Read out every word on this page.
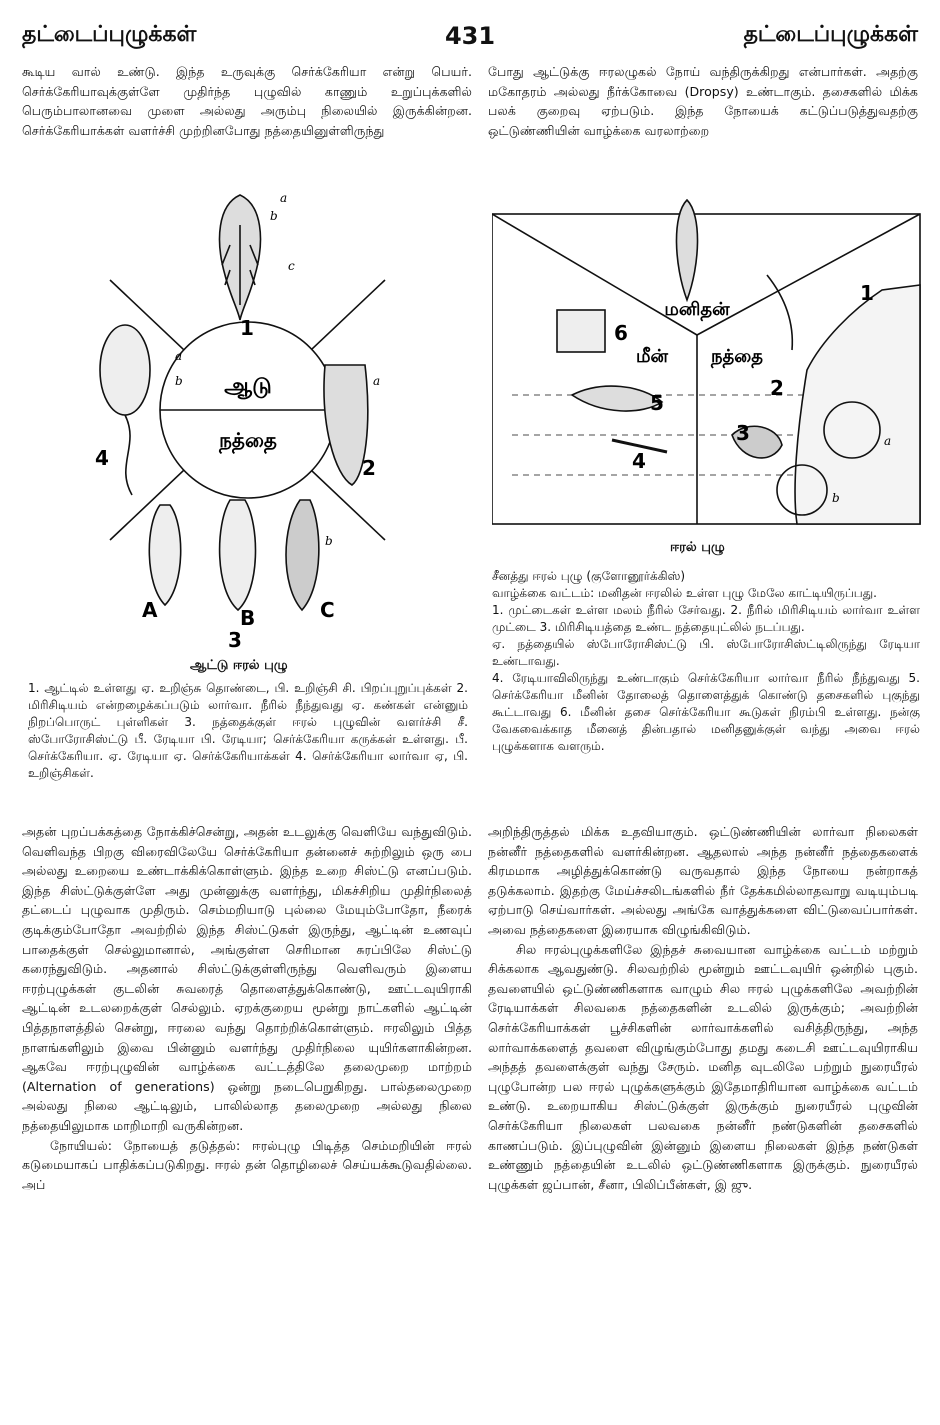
தட்டைப்புழுக்கள்	431	தட்டைப்புழுக்கள்

கூடிய வால் உண்டு. இந்த உருவுக்கு செர்க்கேரியா என்று பெயர். செர்க்கேரியாவுக்குள்ளே முதிர்ந்த புழுவில் காணும் உறுப்புக்களில் பெரும்பாலானவை முளை அல்லது அரும்பு நிலையில் இருக்கின்றன. செர்க்கேரியாக்கள் வளர்ச்சி முற்றினபோது நத்தையினுள்ளிருந்து

போது ஆட்டுக்கு ஈரலழுகல் நோய் வந்திருக்கிறது என்பார்கள். அதற்கு மகோதரம் அல்லது நீர்க்கோவை (Dropsy) உண்டாகும். தசைகளில் மிக்க பலக் குறைவு ஏற்படும். இந்த நோயைக் கட்டுப்படுத்துவதற்கு ஒட்டுண்ணியின் வாழ்க்கை வரலாற்றை

a
b
c
a
b	a
b
1
2
3
4
A	B	C
ஆடு
நத்தை
ஆட்டு ஈரல் புழு

1. ஆட்டில் உள்ளது ஏ. உறிஞ்சு தொண்டை, பி. உறிஞ்சி சி. பிறப்புறுப்புக்கள் 2. மிரிசிடியம் என்றழைக்கப்படும் லார்வா. நீரில் நீந்துவது ஏ. கண்கள் என்னும் நிறப்பொருட் புள்ளிகள் 3. நத்தைக்குள் ஈரல் புழுவின் வளர்ச்சி சீ. ஸ்போரோசிஸ்ட்டு பீ. ரேடியா பி. ரேடியா; செர்க்கேரியா கருக்கள் உள்ளது. பீ. செர்க்கேரியா. ஏ. ரேடியா ஏ. செர்க்கேரியாக்கள் 4. செர்க்கேரியா லார்வா ஏ, பி. உறிஞ்சிகள்.

மனிதன்
மீன் நத்தை
1
2
3
4
5
6
a
b
ஈரல் புழு

சீனத்து ஈரல் புழு (குளோனூர்க்கிஸ்)

வாழ்க்கை வட்டம்: மனிதன் ஈரலில் உள்ள புழு மேலே காட்டியிருப்பது.

1. முட்டைகள் உள்ள மலம் நீரில் சேர்வது. 2. நீரில் மிரிசிடியம் லார்வா உள்ள முட்டை 3. மிரிசிடியத்தை உண்ட நத்தையுட்லில் நடப்பது.

ஏ. நத்தையில் ஸ்போரோசிஸ்ட்டு பி. ஸ்போரோசிஸ்ட்டிலிருந்து ரேடியா உண்டாவது.

4. ரேடியாவிலிருந்து உண்டாகும் செர்க்கேரியா லார்வா நீரில் நீந்துவது 5. செர்க்கேரியா மீனின் தோலைத் தொளைத்துக் கொண்டு தசைகளில் புகுந்து கூட்டாவது 6. மீனின் தசை செர்க்கேரியா கூடுகள் நிரம்பி உள்ளது. நன்கு வேகவைக்காத மீனைத் தின்பதால் மனிதனுக்குள் வந்து அவை ஈரல் புழுக்களாக வளரும்.

அதன் புறப்பக்கத்தை நோக்கிச்சென்று, அதன் உடலுக்கு வெளியே வந்துவிடும். வெளிவந்த பிறகு விரைவிலேயே செர்க்கேரியா தன்னைச் சுற்றிலும் ஒரு பை அல்லது உறையை உண்டாக்கிக்கொள்ளும். இந்த உறை சிஸ்ட்டு எனப்படும். இந்த சிஸ்ட்டுக்குள்ளே அது முன்னுக்கு வளர்ந்து, மிகச்சிறிய முதிர்நிலைத் தட்டைப் புழுவாக முதிரும். செம்மறியாடு புல்லை மேயும்போதோ, நீரைக் குடிக்கும்போதோ அவற்றில் இந்த சிஸ்ட்டுகள் இருந்து, ஆட்டின் உணவுப் பாதைக்குள் செல்லுமானால், அங்குள்ள செரிமான சுரப்பிலே சிஸ்ட்டு கரைந்துவிடும். அதனால் சிஸ்ட்டுக்குள்ளிருந்து வெளிவரும் இளைய ஈரற்புழுக்கள் குடலின் சுவரைத் தொளைத்துக்கொண்டு, ஊட்டவுயிராகி ஆட்டின் உடலறைக்குள் செல்லும். ஏறக்குறைய மூன்று நாட்களில் ஆட்டின் பித்தநாளத்தில் சென்று, ஈரலை வந்து தொற்றிக்கொள்ளும். ஈரலிலும் பித்த நாளங்களிலும் இவை பின்னும் வளர்ந்து முதிர்நிலை யுயிர்களாகின்றன. ஆகவே ஈரற்புழுவின் வாழ்க்கை வட்டத்திலே தலைமுறை மாற்றம் (Alternation of generations) ஒன்று நடைபெறுகிறது. பால்தலைமுறை அல்லது நிலை ஆட்டிலும், பாலில்லாத தலைமுறை அல்லது நிலை நத்தையிலுமாக மாறிமாறி வருகின்றன.

நோயியல்: நோயைத் தடுத்தல்: ஈரல்புழு பிடித்த செம்மறியின் ஈரல் கடுமையாகப் பாதிக்கப்படுகிறது. ஈரல் தன் தொழிலைச் செய்யக்கூடுவதில்லை. அப்

அறிந்திருத்தல் மிக்க உதவியாகும். ஒட்டுண்ணியின் லார்வா நிலைகள் நன்னீர் நத்தைகளில் வளர்கின்றன. ஆதலால் அந்த நன்னீர் நத்தைகளைக் கிரமமாக அழித்துக்கொண்டு வருவதால் இந்த நோயை நன்றாகத் தடுக்கலாம். இதற்கு மேய்ச்சலிடங்களில் நீர் தேக்கமில்லாதவாறு வடியும்படி ஏற்பாடு செய்வார்கள். அல்லது அங்கே வாத்துக்களை விட்டுவைப்பார்கள். அவை நத்தைகளை இரையாக விழுங்கிவிடும்.

சில ஈரல்புழுக்களிலே இந்தச் சுவையான வாழ்க்கை வட்டம் மற்றும் சிக்கலாக ஆவதுண்டு. சிலவற்றில் மூன்றும் ஊட்டவுயிர் ஒன்றில் புகும். தவளையில் ஒட்டுண்ணிகளாக வாழும் சில ஈரல் புழுக்களிலே அவற்றின் ரேடியாக்கள் சிலவகை நத்தைகளின் உடலில் இருக்கும்; அவற்றின் செர்க்கேரியாக்கள் பூச்சிகளின் லார்வாக்களில் வசித்திருந்து, அந்த லார்வாக்களைத் தவளை விழுங்கும்போது தமது கடைசி ஊட்டவுயிராகிய அந்தத் தவளைக்குள் வந்து சேரும். மனித வுடலிலே பற்றும் நுரையீரல் புழுபோன்ற பல ஈரல் புழுக்களுக்கும் இதேமாதிரியான வாழ்க்கை வட்டம் உண்டு. உறையாகிய சிஸ்ட்டுக்குள் இருக்கும் நுரையீரல் புழுவின் செர்க்கேரியா நிலைகள் பலவகை நன்னீர் நண்டுகளின் தசைகளில் காணப்படும். இப்புழுவின் இன்னும் இளைய நிலைகள் இந்த நண்டுகள் உண்ணும் நத்தையின் உடலில் ஒட்டுண்ணிகளாக இருக்கும். நுரையீரல் புழுக்கள் ஜப்பான், சீனா, பிலிப்பீன்கள், இ ஜு.
